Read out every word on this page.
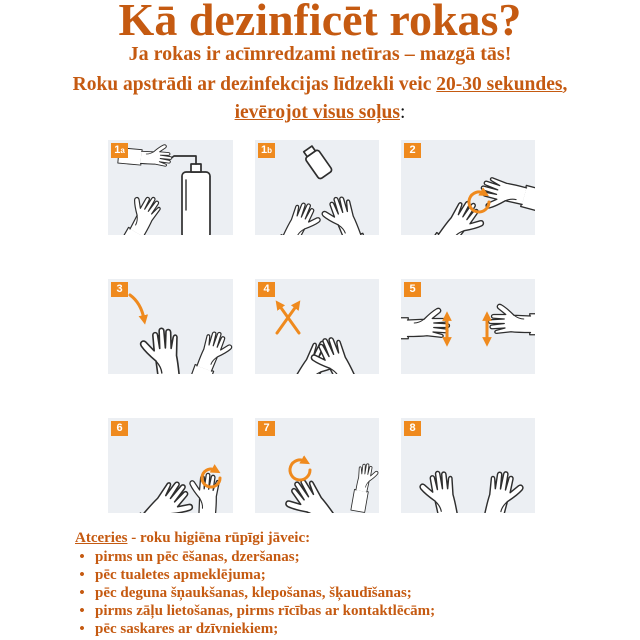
Kā dezinficēt rokas?
Ja rokas ir acīmredzami netīras – mazgā tās!
Roku apstrādi ar dezinfekcijas līdzekli veic 20-30 sekundes,
ievērojot visus soļus:
1a	1b	2
3	4	5
6	7	8
Atceries - roku higiēna rūpīgi jāveic:
• pirms un pēc ēšanas, dzeršanas;
• pēc tualetes apmeklējuma;
• pēc deguna šņaukšanas, klepošanas, šķaudīšanas;
• pirms zāļu lietošanas, pirms rīcības ar kontaktlēcām;
• pēc saskares ar dzīvniekiem;
